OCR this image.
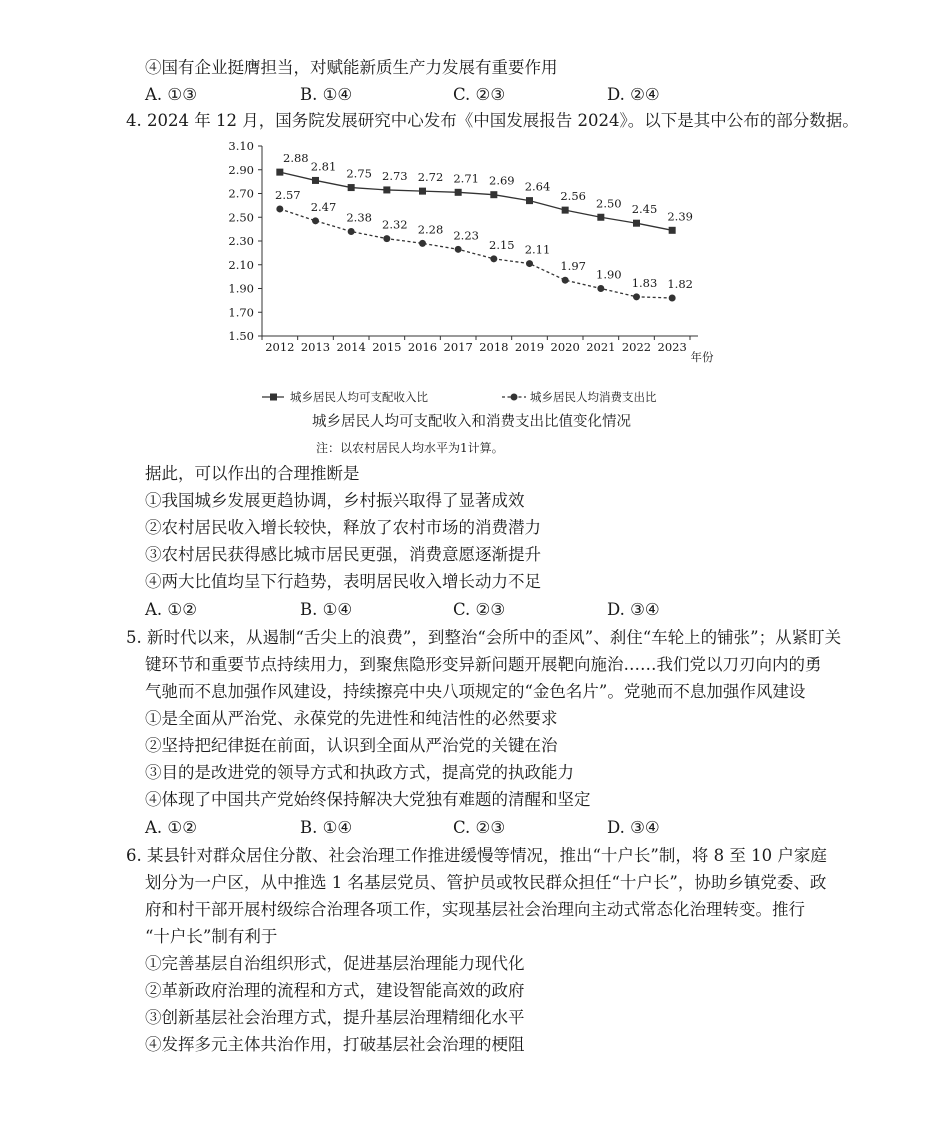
④国有企业挺膺担当，对赋能新质生产力发展有重要作用
A. ①③	B. ①④	C. ②③	D. ②④
4. 2024 年 12 月，国务院发展研究中心发布《中国发展报告 2024》。以下是其中公布的部分数据。
1.50
1.70
1.90
2.10
2.30
2.50
2.70
2.90
3.10
2012 2013 2014 2015 2016 2017 2018 2019 2020 2021 2022 2023
年份
2.88
2.81
2.75 2.73 2.72 2.71 2.69 2.64
2.56
2.50 2.45
2.39
2.57
2.47
2.38
2.32 2.28 2.23
2.15 2.11
1.97
1.90
1.83 1.82
城乡居民人均可支配收入比	城乡居民人均消费支出比
城乡居民人均可支配收入和消费支出比值变化情况
注：以农村居民人均水平为1计算。
据此，可以作出的合理推断是
①我国城乡发展更趋协调，乡村振兴取得了显著成效
②农村居民收入增长较快，释放了农村市场的消费潜力
③农村居民获得感比城市居民更强，消费意愿逐渐提升
④两大比值均呈下行趋势，表明居民收入增长动力不足
A. ①②	B. ①④	C. ②③	D. ③④
5. 新时代以来，从遏制“舌尖上的浪费”，到整治“会所中的歪风”、刹住“车轮上的铺张”；从紧盯关
键环节和重要节点持续用力，到聚焦隐形变异新问题开展靶向施治……我们党以刀刃向内的勇
气驰而不息加强作风建设，持续擦亮中央八项规定的“金色名片”。党驰而不息加强作风建设
①是全面从严治党、永葆党的先进性和纯洁性的必然要求
②坚持把纪律挺在前面，认识到全面从严治党的关键在治
③目的是改进党的领导方式和执政方式，提高党的执政能力
④体现了中国共产党始终保持解决大党独有难题的清醒和坚定
A. ①②	B. ①④	C. ②③	D. ③④
6. 某县针对群众居住分散、社会治理工作推进缓慢等情况，推出“十户长”制，将 8 至 10 户家庭
划分为一户区，从中推选 1 名基层党员、管护员或牧民群众担任“十户长”，协助乡镇党委、政
府和村干部开展村级综合治理各项工作，实现基层社会治理向主动式常态化治理转变。推行
“十户长”制有利于
①完善基层自治组织形式，促进基层治理能力现代化
②革新政府治理的流程和方式，建设智能高效的政府
③创新基层社会治理方式，提升基层治理精细化水平
④发挥多元主体共治作用，打破基层社会治理的梗阻
